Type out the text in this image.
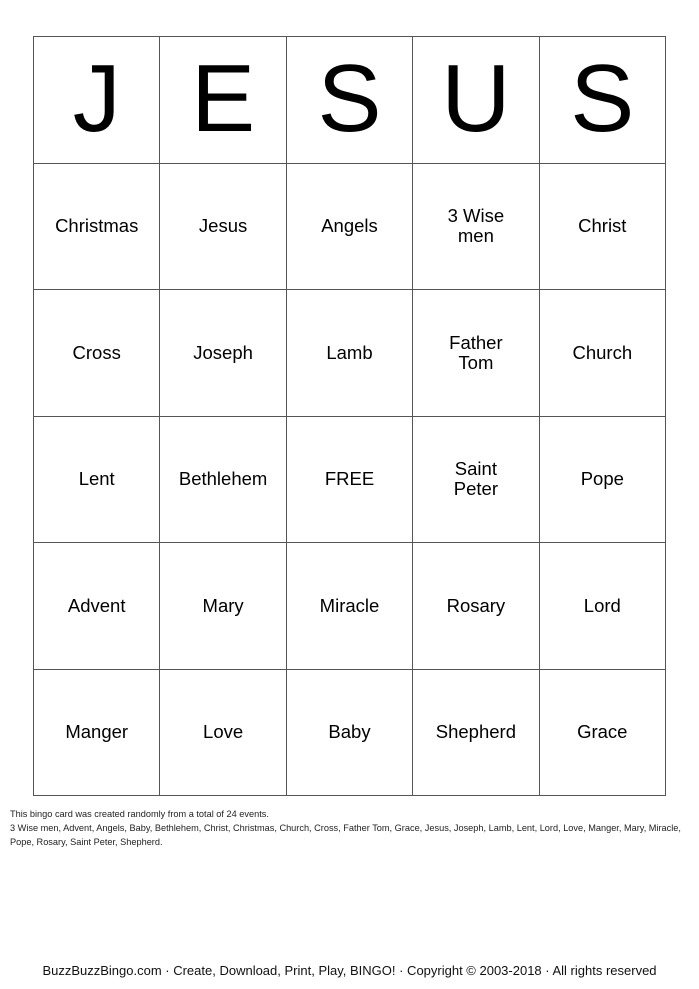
J E S U S
Christmas	Jesus	Angels	3 Wise men	Christ
Cross	Joseph	Lamb	Father Tom	Church
Lent	Bethlehem	FREE	Saint Peter	Pope
Advent	Mary	Miracle	Rosary	Lord
Manger	Love	Baby	Shepherd	Grace
This bingo card was created randomly from a total of 24 events.
3 Wise men, Advent, Angels, Baby, Bethlehem, Christ, Christmas, Church, Cross, Father Tom, Grace, Jesus, Joseph, Lamb, Lent, Lord, Love, Manger, Mary, Miracle, Pope, Rosary, Saint Peter, Shepherd.
BuzzBuzzBingo.com · Create, Download, Print, Play, BINGO! · Copyright © 2003-2018 · All rights reserved
